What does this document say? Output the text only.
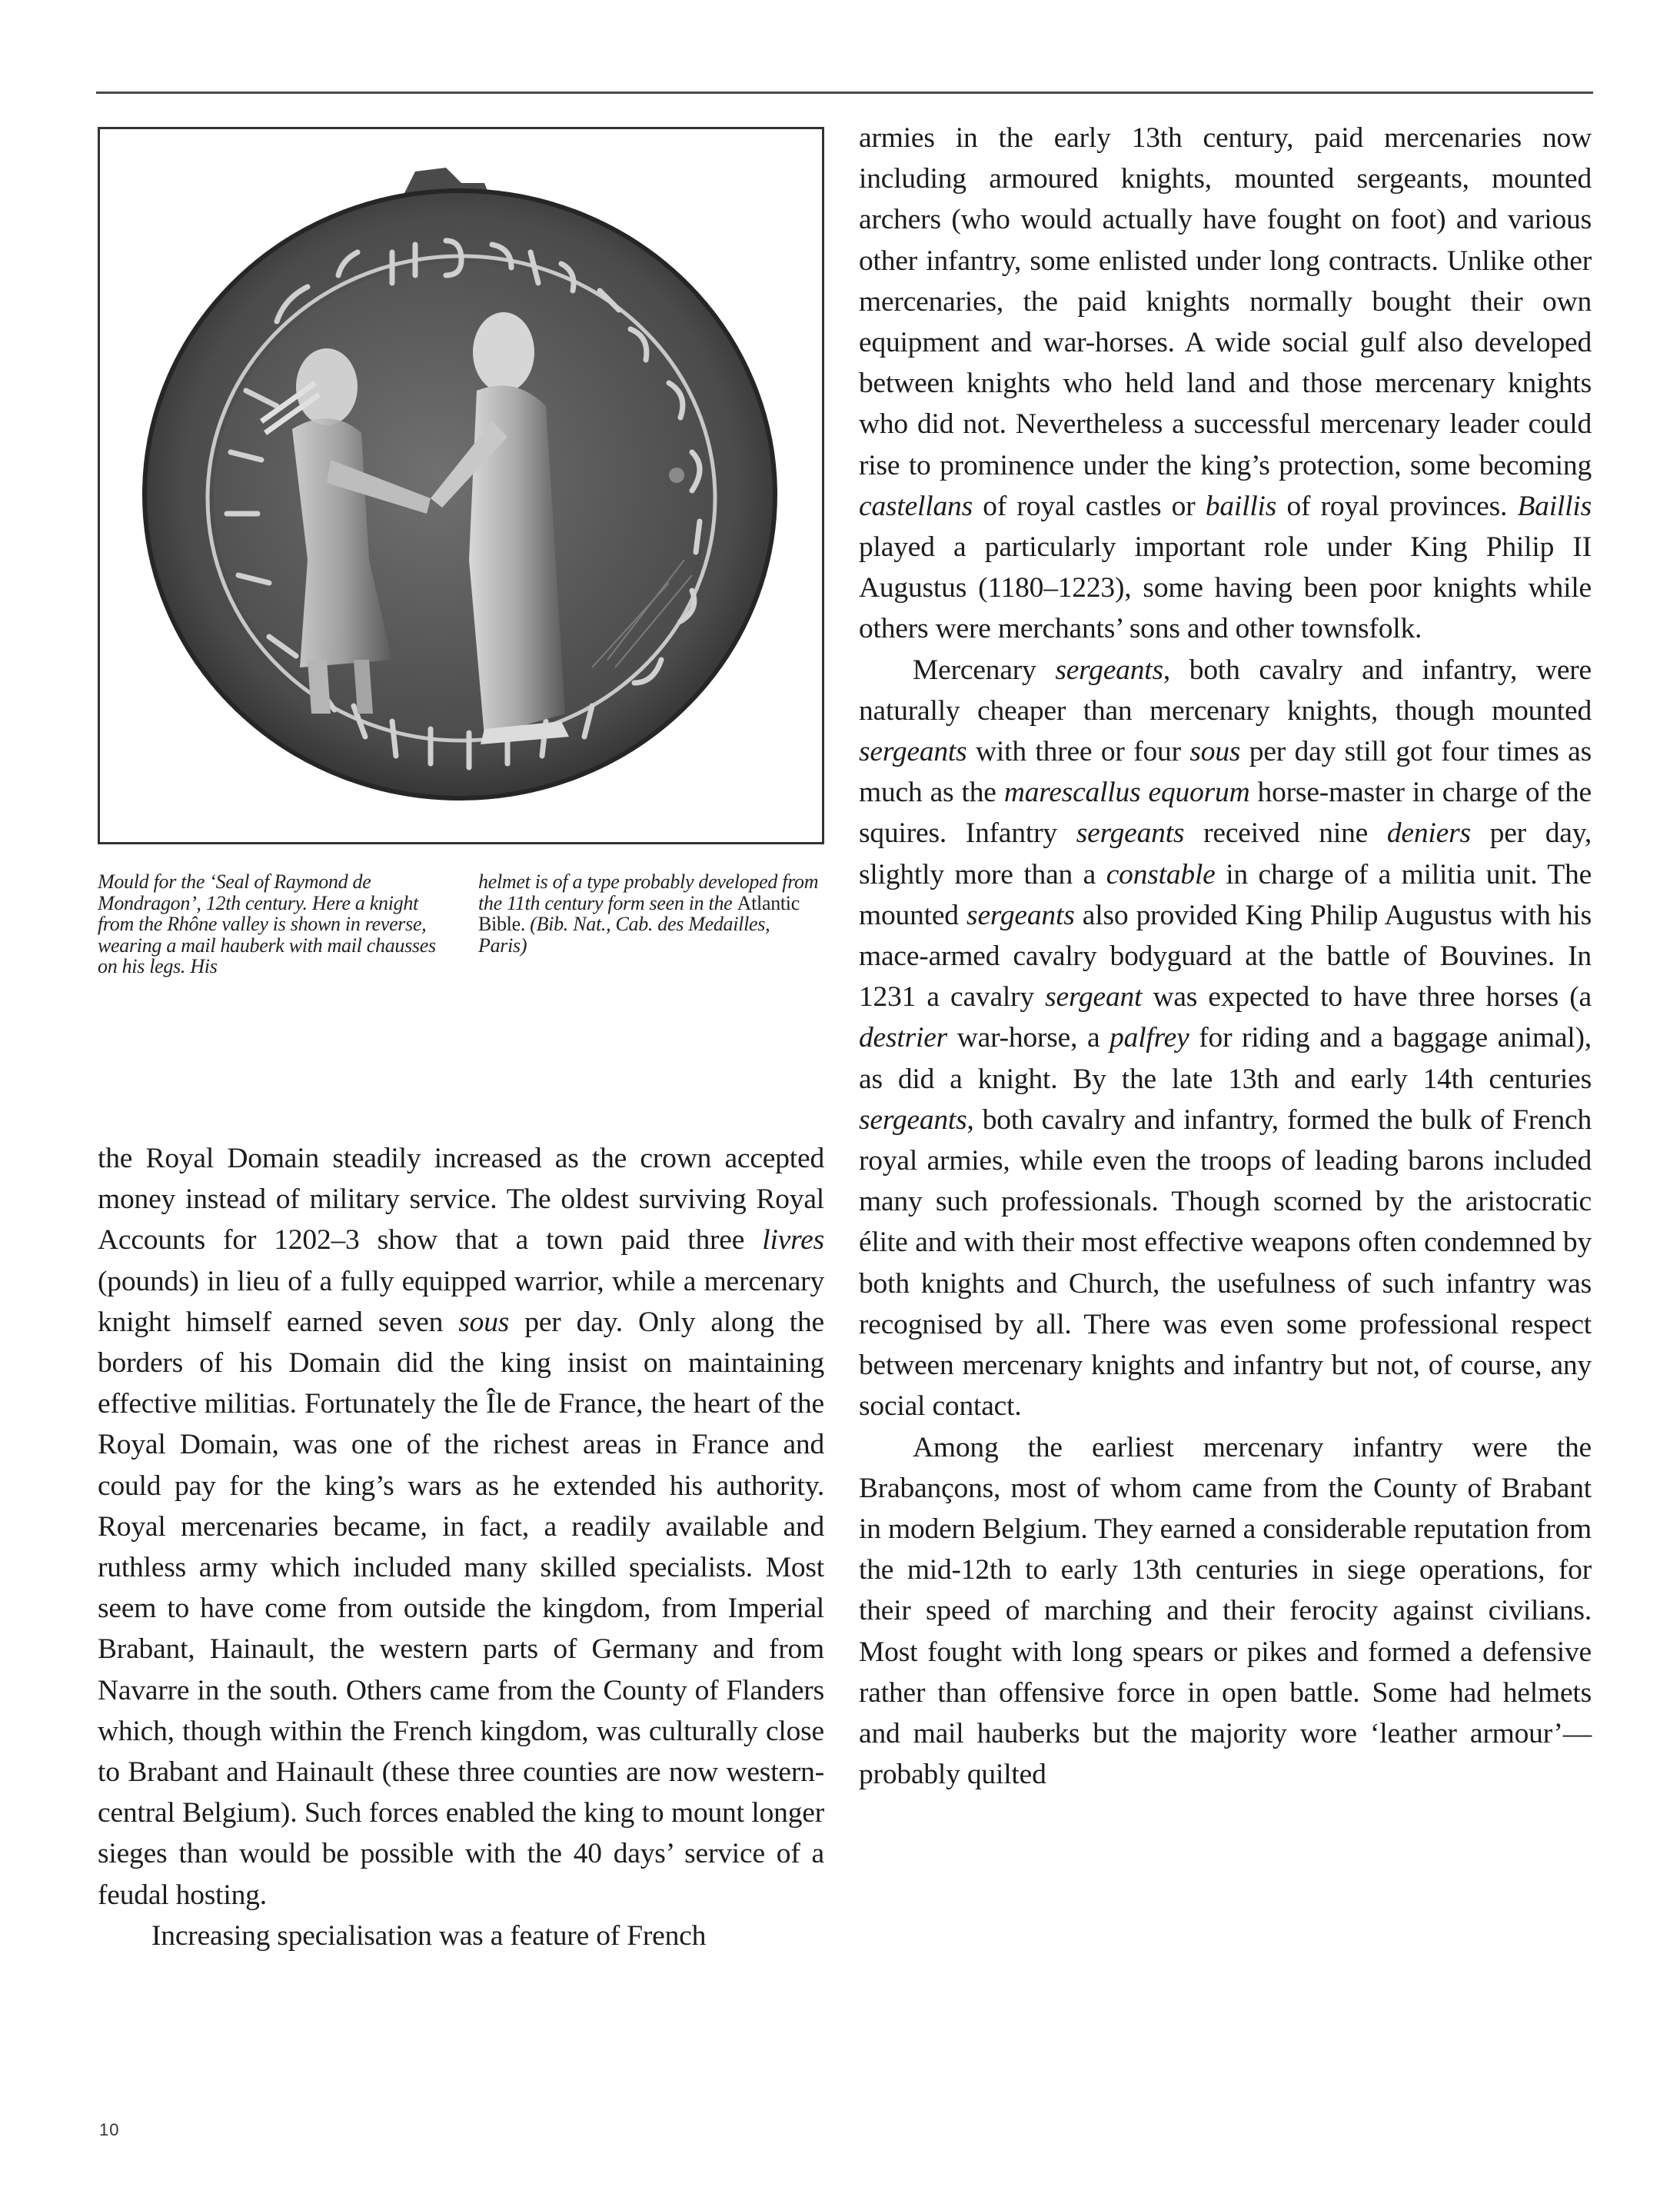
Mould for the ‘Seal of Raymond de Mondragon’, 12th century. Here a knight from the Rhône valley is shown in reverse, wearing a mail hauberk with mail chausses on his legs. His
helmet is of a type probably developed from the 11th century form seen in the Atlantic Bible. (Bib. Nat., Cab. des Medailles, Paris)

the Royal Domain steadily increased as the crown accepted money instead of military service. The oldest surviving Royal Accounts for 1202–3 show that a town paid three livres (pounds) in lieu of a fully equipped warrior, while a mercenary knight himself earned seven sous per day. Only along the borders of his Domain did the king insist on maintaining effective militias. Fortunately the Île de France, the heart of the Royal Domain, was one of the richest areas in France and could pay for the king’s wars as he extended his authority. Royal mercenaries became, in fact, a readily available and ruthless army which included many skilled specialists. Most seem to have come from outside the kingdom, from Imperial Brabant, Hainault, the western parts of Germany and from Navarre in the south. Others came from the County of Flanders which, though within the French kingdom, was culturally close to Brabant and Hainault (these three counties are now western-central Belgium). Such forces enabled the king to mount longer sieges than would be possible with the 40 days’ service of a feudal hosting.

Increasing specialisation was a feature of French

armies in the early 13th century, paid mercenaries now including armoured knights, mounted sergeants, mounted archers (who would actually have fought on foot) and various other infantry, some enlisted under long contracts. Unlike other mercenaries, the paid knights normally bought their own equipment and war-horses. A wide social gulf also developed between knights who held land and those mercenary knights who did not. Nevertheless a successful mercenary leader could rise to prominence under the king’s protection, some becoming castellans of royal castles or baillis of royal provinces. Baillis played a particularly important role under King Philip II Augustus (1180–1223), some having been poor knights while others were merchants’ sons and other townsfolk.

Mercenary sergeants, both cavalry and infantry, were naturally cheaper than mercenary knights, though mounted sergeants with three or four sous per day still got four times as much as the marescallus equorum horse-master in charge of the squires. Infantry sergeants received nine deniers per day, slightly more than a constable in charge of a militia unit. The mounted sergeants also provided King Philip Augustus with his mace-armed cavalry bodyguard at the battle of Bouvines. In 1231 a cavalry sergeant was expected to have three horses (a destrier war-horse, a palfrey for riding and a baggage animal), as did a knight. By the late 13th and early 14th centuries sergeants, both cavalry and infantry, formed the bulk of French royal armies, while even the troops of leading barons included many such professionals. Though scorned by the aristocratic élite and with their most effective weapons often condemned by both knights and Church, the usefulness of such infantry was recognised by all. There was even some professional respect between mercenary knights and infantry but not, of course, any social contact.

Among the earliest mercenary infantry were the Brabançons, most of whom came from the County of Brabant in modern Belgium. They earned a considerable reputation from the mid-12th to early 13th centuries in siege operations, for their speed of marching and their ferocity against civilians. Most fought with long spears or pikes and formed a defensive rather than offensive force in open battle. Some had helmets and mail hauberks but the majority wore ‘leather armour’—probably quilted

10
